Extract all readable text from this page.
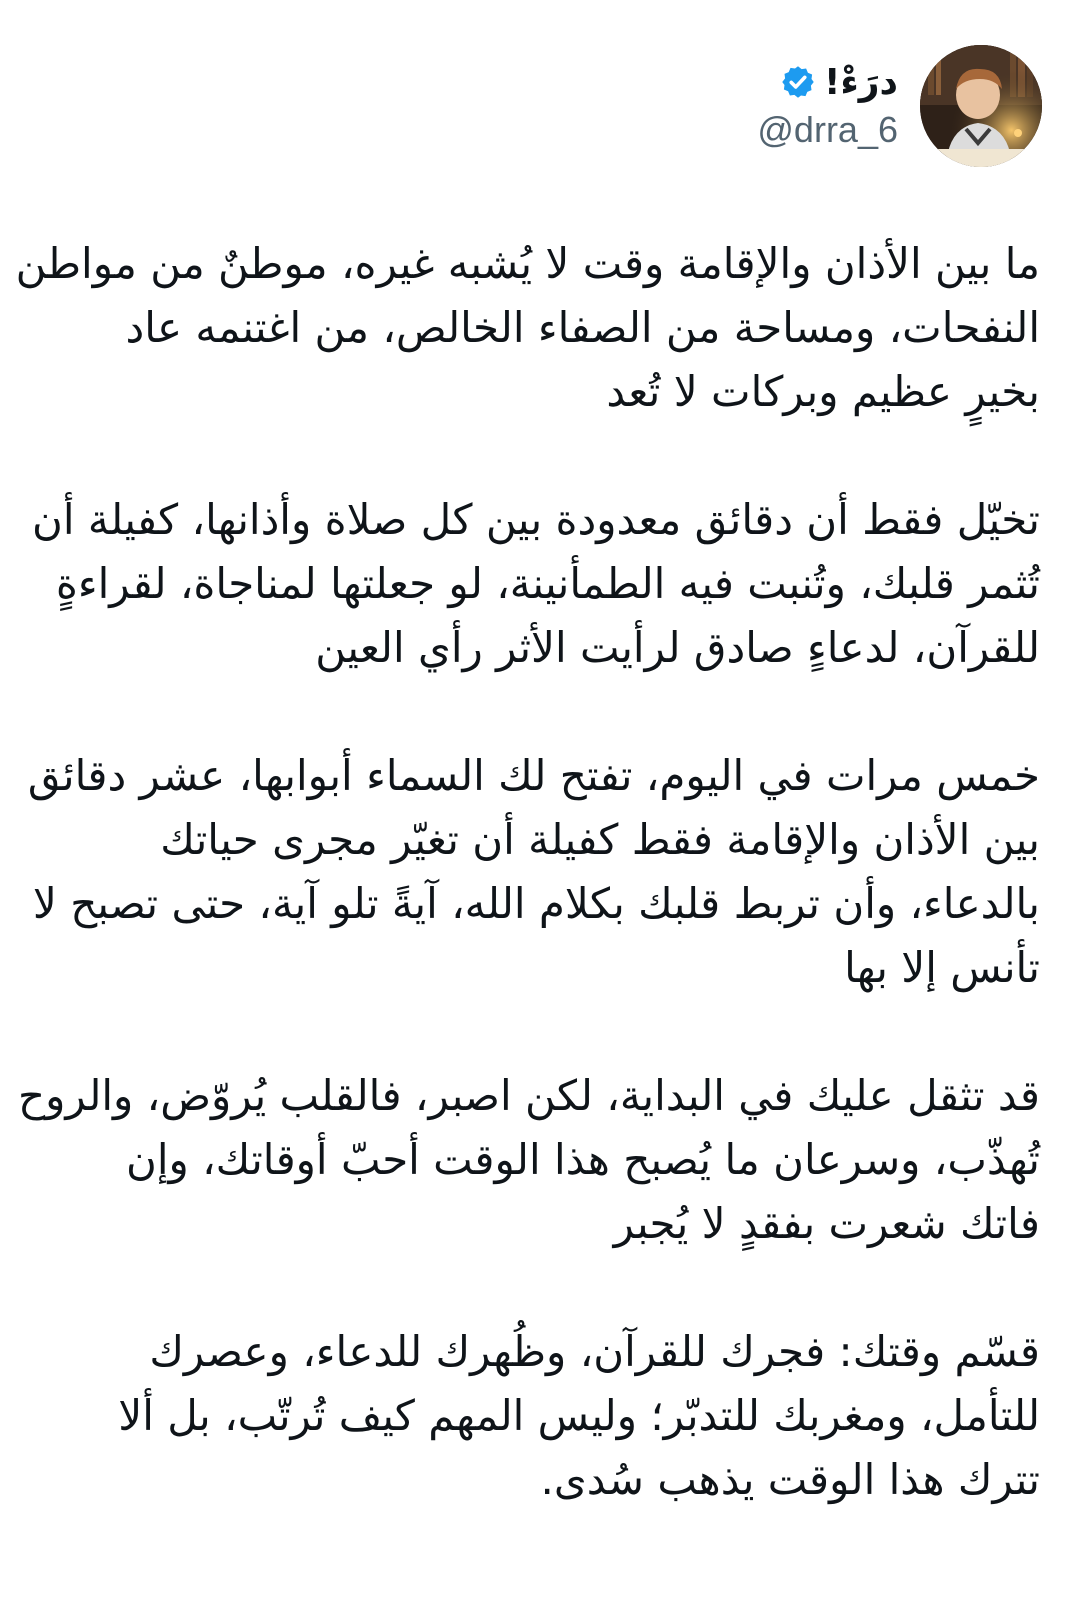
درَءْ!
@drra_6

ما بين الأذان والإقامة وقت لا يُشبه غيره، موطنٌ من مواطن
النفحات، ومساحة من الصفاء الخالص، من اغتنمه عاد
بخيرٍ عظيم وبركات لا تُعد

تخيّل فقط أن دقائق معدودة بين كل صلاة وأذانها، كفيلة أن
تُثمر قلبك، وتُنبت فيه الطمأنينة، لو جعلتها لمناجاة، لقراءةٍ
للقرآن، لدعاءٍ صادق لرأيت الأثر رأي العين

خمس مرات في اليوم، تفتح لك السماء أبوابها، عشر دقائق
بين الأذان والإقامة فقط كفيلة أن تغيّر مجرى حياتك
بالدعاء، وأن تربط قلبك بكلام الله، آيةً تلو آية، حتى تصبح لا
تأنس إلا بها

قد تثقل عليك في البداية، لكن اصبر، فالقلب يُروّض، والروح
تُهذّب، وسرعان ما يُصبح هذا الوقت أحبّ أوقاتك، وإن
فاتك شعرت بفقدٍ لا يُجبر

قسّم وقتك: فجرك للقرآن، وظُهرك للدعاء، وعصرك
للتأمل، ومغربك للتدبّر؛ وليس المهم كيف تُرتّب، بل ألا
تترك هذا الوقت يذهب سُدى.
